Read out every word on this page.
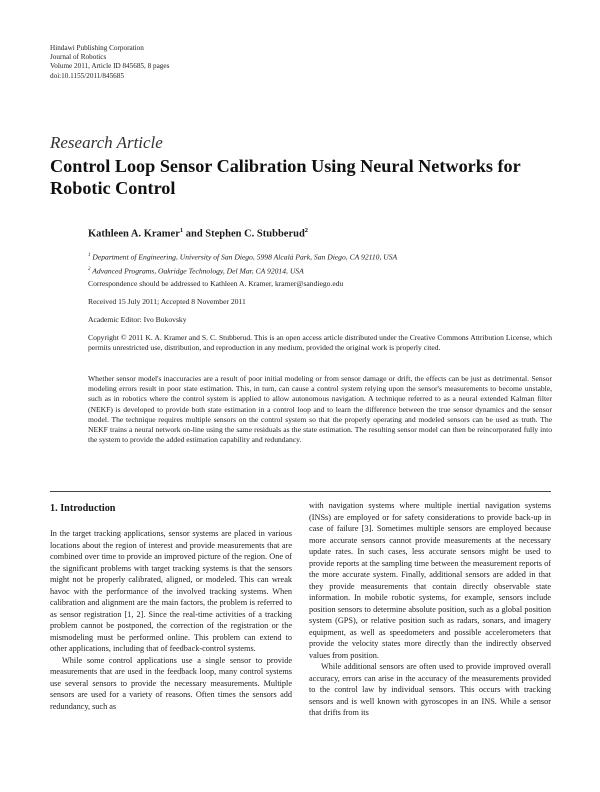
Hindawi Publishing Corporation
Journal of Robotics
Volume 2011, Article ID 845685, 8 pages
doi:10.1155/2011/845685
Research Article
Control Loop Sensor Calibration Using Neural Networks for
Robotic Control
Kathleen A. Kramer$^1$ and Stephen C. Stubberud$^2$
$^1$ Department of Engineering, University of San Diego, 5998 Alcalá Park, San Diego, CA 92110, USA
$^2$ Advanced Programs, Oakridge Technology, Del Mar, CA 92014, USA
Correspondence should be addressed to Kathleen A. Kramer, kramer@sandiego.edu
Received 15 July 2011; Accepted 8 November 2011
Academic Editor: Ivo Bukovsky
Copyright © 2011 K. A. Kramer and S. C. Stubberud. This is an open access article distributed under the Creative Commons Attribution License, which permits unrestricted use, distribution, and reproduction in any medium, provided the original work is properly cited.
Whether sensor model's inaccuracies are a result of poor initial modeling or from sensor damage or drift, the effects can be just as detrimental. Sensor modeling errors result in poor state estimation. This, in turn, can cause a control system relying upon the sensor's measurements to become unstable, such as in robotics where the control system is applied to allow autonomous navigation. A technique referred to as a neural extended Kalman filter (NEKF) is developed to provide both state estimation in a control loop and to learn the difference between the true sensor dynamics and the sensor model. The technique requires multiple sensors on the control system so that the properly operating and modeled sensors can be used as truth. The NEKF trains a neural network on-line using the same residuals as the state estimation. The resulting sensor model can then be reincorporated fully into the system to provide the added estimation capability and redundancy.
1. Introduction

In the target tracking applications, sensor systems are placed in various locations about the region of interest and provide measurements that are combined over time to provide an improved picture of the region. One of the significant problems with target tracking systems is that the sensors might not be properly calibrated, aligned, or modeled. This can wreak havoc with the performance of the involved tracking systems. When calibration and alignment are the main factors, the problem is referred to as sensor registration [1, 2]. Since the real-time activities of a tracking problem cannot be postponed, the correction of the registration or the mismodeling must be performed online. This problem can extend to other applications, including that of feedback-control systems.

While some control applications use a single sensor to provide measurements that are used in the feedback loop, many control systems use several sensors to provide the necessary measurements. Multiple sensors are used for a variety of reasons. Often times the sensors add redundancy, such as

with navigation systems where multiple inertial navigation systems (INSs) are employed or for safety considerations to provide back-up in case of failure [3]. Sometimes multiple sensors are employed because more accurate sensors cannot provide measurements at the necessary update rates. In such cases, less accurate sensors might be used to provide reports at the sampling time between the measurement reports of the more accurate system. Finally, additional sensors are added in that they provide measurements that contain directly observable state information. In mobile robotic systems, for example, sensors include position sensors to determine absolute position, such as a global position system (GPS), or relative position such as radars, sonars, and imagery equipment, as well as speedometers and possible accelerometers that provide the velocity states more directly than the indirectly observed values from position.

While additional sensors are often used to provide improved overall accuracy, errors can arise in the accuracy of the measurements provided to the control law by individual sensors. This occurs with tracking sensors and is well known with gyroscopes in an INS. While a sensor that drifts from its
